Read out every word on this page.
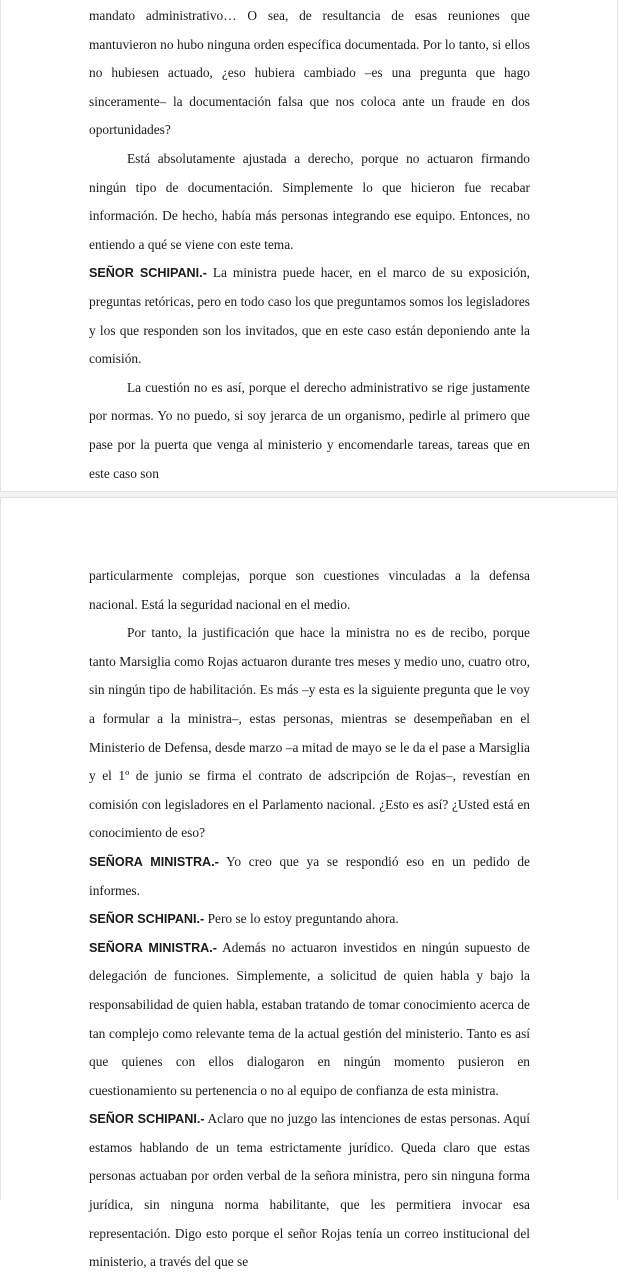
mandato administrativo… O sea, de resultancia de esas reuniones que mantuvieron no hubo ninguna orden específica documentada. Por lo tanto, si ellos no hubiesen actuado, ¿eso hubiera cambiado –es una pregunta que hago sinceramente– la documentación falsa que nos coloca ante un fraude en dos oportunidades?

Está absolutamente ajustada a derecho, porque no actuaron firmando ningún tipo de documentación. Simplemente lo que hicieron fue recabar información. De hecho, había más personas integrando ese equipo. Entonces, no entiendo a qué se viene con este tema.

SEÑOR SCHIPANI.- La ministra puede hacer, en el marco de su exposición, preguntas retóricas, pero en todo caso los que preguntamos somos los legisladores y los que responden son los invitados, que en este caso están deponiendo ante la comisión.

La cuestión no es así, porque el derecho administrativo se rige justamente por normas. Yo no puedo, si soy jerarca de un organismo, pedirle al primero que pase por la puerta que venga al ministerio y encomendarle tareas, tareas que en este caso son

particularmente complejas, porque son cuestiones vinculadas a la defensa nacional. Está la seguridad nacional en el medio.

Por tanto, la justificación que hace la ministra no es de recibo, porque tanto Marsiglia como Rojas actuaron durante tres meses y medio uno, cuatro otro, sin ningún tipo de habilitación. Es más –y esta es la siguiente pregunta que le voy a formular a la ministra–, estas personas, mientras se desempeñaban en el Ministerio de Defensa, desde marzo –a mitad de mayo se le da el pase a Marsiglia y el 1º de junio se firma el contrato de adscripción de Rojas–, revestían en comisión con legisladores en el Parlamento nacional. ¿Esto es así? ¿Usted está en conocimiento de eso?

SEÑORA MINISTRA.- Yo creo que ya se respondió eso en un pedido de informes.

SEÑOR SCHIPANI.- Pero se lo estoy preguntando ahora.

SEÑORA MINISTRA.- Además no actuaron investidos en ningún supuesto de delegación de funciones. Simplemente, a solicitud de quien habla y bajo la responsabilidad de quien habla, estaban tratando de tomar conocimiento acerca de tan complejo como relevante tema de la actual gestión del ministerio. Tanto es así que quienes con ellos dialogaron en ningún momento pusieron en cuestionamiento su pertenencia o no al equipo de confianza de esta ministra.

SEÑOR SCHIPANI.- Aclaro que no juzgo las intenciones de estas personas. Aquí estamos hablando de un tema estrictamente jurídico. Queda claro que estas personas actuaban por orden verbal de la señora ministra, pero sin ninguna forma jurídica, sin ninguna norma habilitante, que les permitiera invocar esa representación. Digo esto porque el señor Rojas tenía un correo institucional del ministerio, a través del que se
